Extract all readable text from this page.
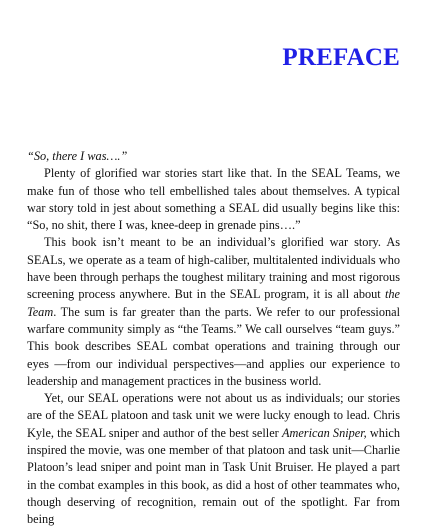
PREFACE

“So, there I was….”

Plenty of glorified war stories start like that. In the SEAL Teams, we make fun of those who tell embellished tales about themselves. A typical war story told in jest about something a SEAL did usually begins like this: “So, no shit, there I was, knee-deep in grenade pins….”

This book isn’t meant to be an individual’s glorified war story. As SEALs, we operate as a team of high-caliber, multitalented individuals who have been through perhaps the toughest military training and most rigorous screening process anywhere. But in the SEAL program, it is all about the Team. The sum is far greater than the parts. We refer to our professional warfare community simply as “the Teams.” We call ourselves “team guys.” This book describes SEAL combat operations and training through our eyes —from our individual perspectives—and applies our experience to leadership and management practices in the business world.

Yet, our SEAL operations were not about us as individuals; our stories are of the SEAL platoon and task unit we were lucky enough to lead. Chris Kyle, the SEAL sniper and author of the best seller American Sniper, which inspired the movie, was one member of that platoon and task unit—Charlie Platoon’s lead sniper and point man in Task Unit Bruiser. He played a part in the combat examples in this book, as did a host of other teammates who, though deserving of recognition, remain out of the spotlight. Far from being
